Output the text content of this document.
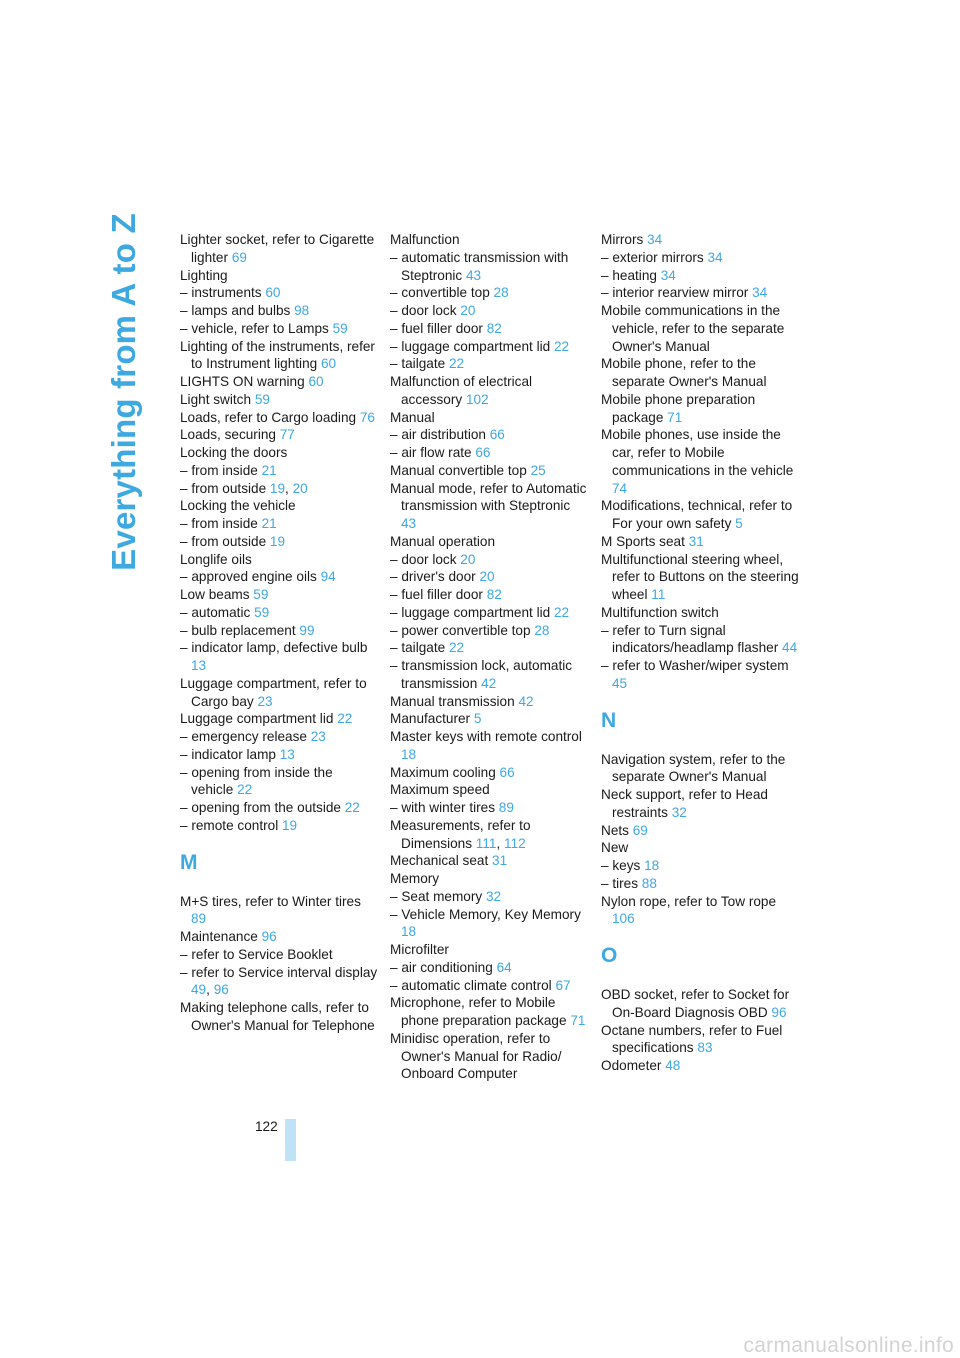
Everything from A to Z	Lighter socket, refer to Cigarette lighter 69
Lighting
– instruments 60
– lamps and bulbs 98
– vehicle, refer to Lamps 59
Lighting of the instruments, refer to Instrument lighting 60
LIGHTS ON warning 60
Light switch 59
Loads, refer to Cargo loading 76
Loads, securing 77
Locking the doors
– from inside 21
– from outside 19, 20
Locking the vehicle
– from inside 21
– from outside 19
Longlife oils
– approved engine oils 94
Low beams 59
– automatic 59
– bulb replacement 99
– indicator lamp, defective bulb 13
Luggage compartment, refer to Cargo bay 23
Luggage compartment lid 22
– emergency release 23
– indicator lamp 13
– opening from inside the vehicle 22
– opening from the outside 22
– remote control 19
M
M+S tires, refer to Winter tires 89
Maintenance 96
– refer to Service Booklet
– refer to Service interval display 49, 96
Making telephone calls, refer to Owner's Manual for Telephone
Malfunction
– automatic transmission with Steptronic 43
– convertible top 28
– door lock 20
– fuel filler door 82
– luggage compartment lid 22
– tailgate 22
Malfunction of electrical accessory 102
Manual
– air distribution 66
– air flow rate 66
Manual convertible top 25
Manual mode, refer to Automatic transmission with Steptronic 43
Manual operation
– door lock 20
– driver's door 20
– fuel filler door 82
– luggage compartment lid 22
– power convertible top 28
– tailgate 22
– transmission lock, automatic transmission 42
Manual transmission 42
Manufacturer 5
Master keys with remote control 18
Maximum cooling 66
Maximum speed
– with winter tires 89
Measurements, refer to Dimensions 111, 112
Mechanical seat 31
Memory
– Seat memory 32
– Vehicle Memory, Key Memory 18
Microfilter
– air conditioning 64
– automatic climate control 67
Microphone, refer to Mobile phone preparation package 71
Minidisc operation, refer to Owner's Manual for Radio/ Onboard Computer
Mirrors 34
– exterior mirrors 34
– heating 34
– interior rearview mirror 34
Mobile communications in the vehicle, refer to the separate Owner's Manual
Mobile phone, refer to the separate Owner's Manual
Mobile phone preparation package 71
Mobile phones, use inside the car, refer to Mobile communications in the vehicle 74
Modifications, technical, refer to For your own safety 5
M Sports seat 31
Multifunctional steering wheel, refer to Buttons on the steering wheel 11
Multifunction switch
– refer to Turn signal indicators/headlamp flasher 44
– refer to Washer/wiper system 45
N
Navigation system, refer to the separate Owner's Manual
Neck support, refer to Head restraints 32
Nets 69
New
– keys 18
– tires 88
Nylon rope, refer to Tow rope 106
O
OBD socket, refer to Socket for On-Board Diagnosis OBD 96
Octane numbers, refer to Fuel specifications 83
Odometer 48
122
carmanualsonline.info
